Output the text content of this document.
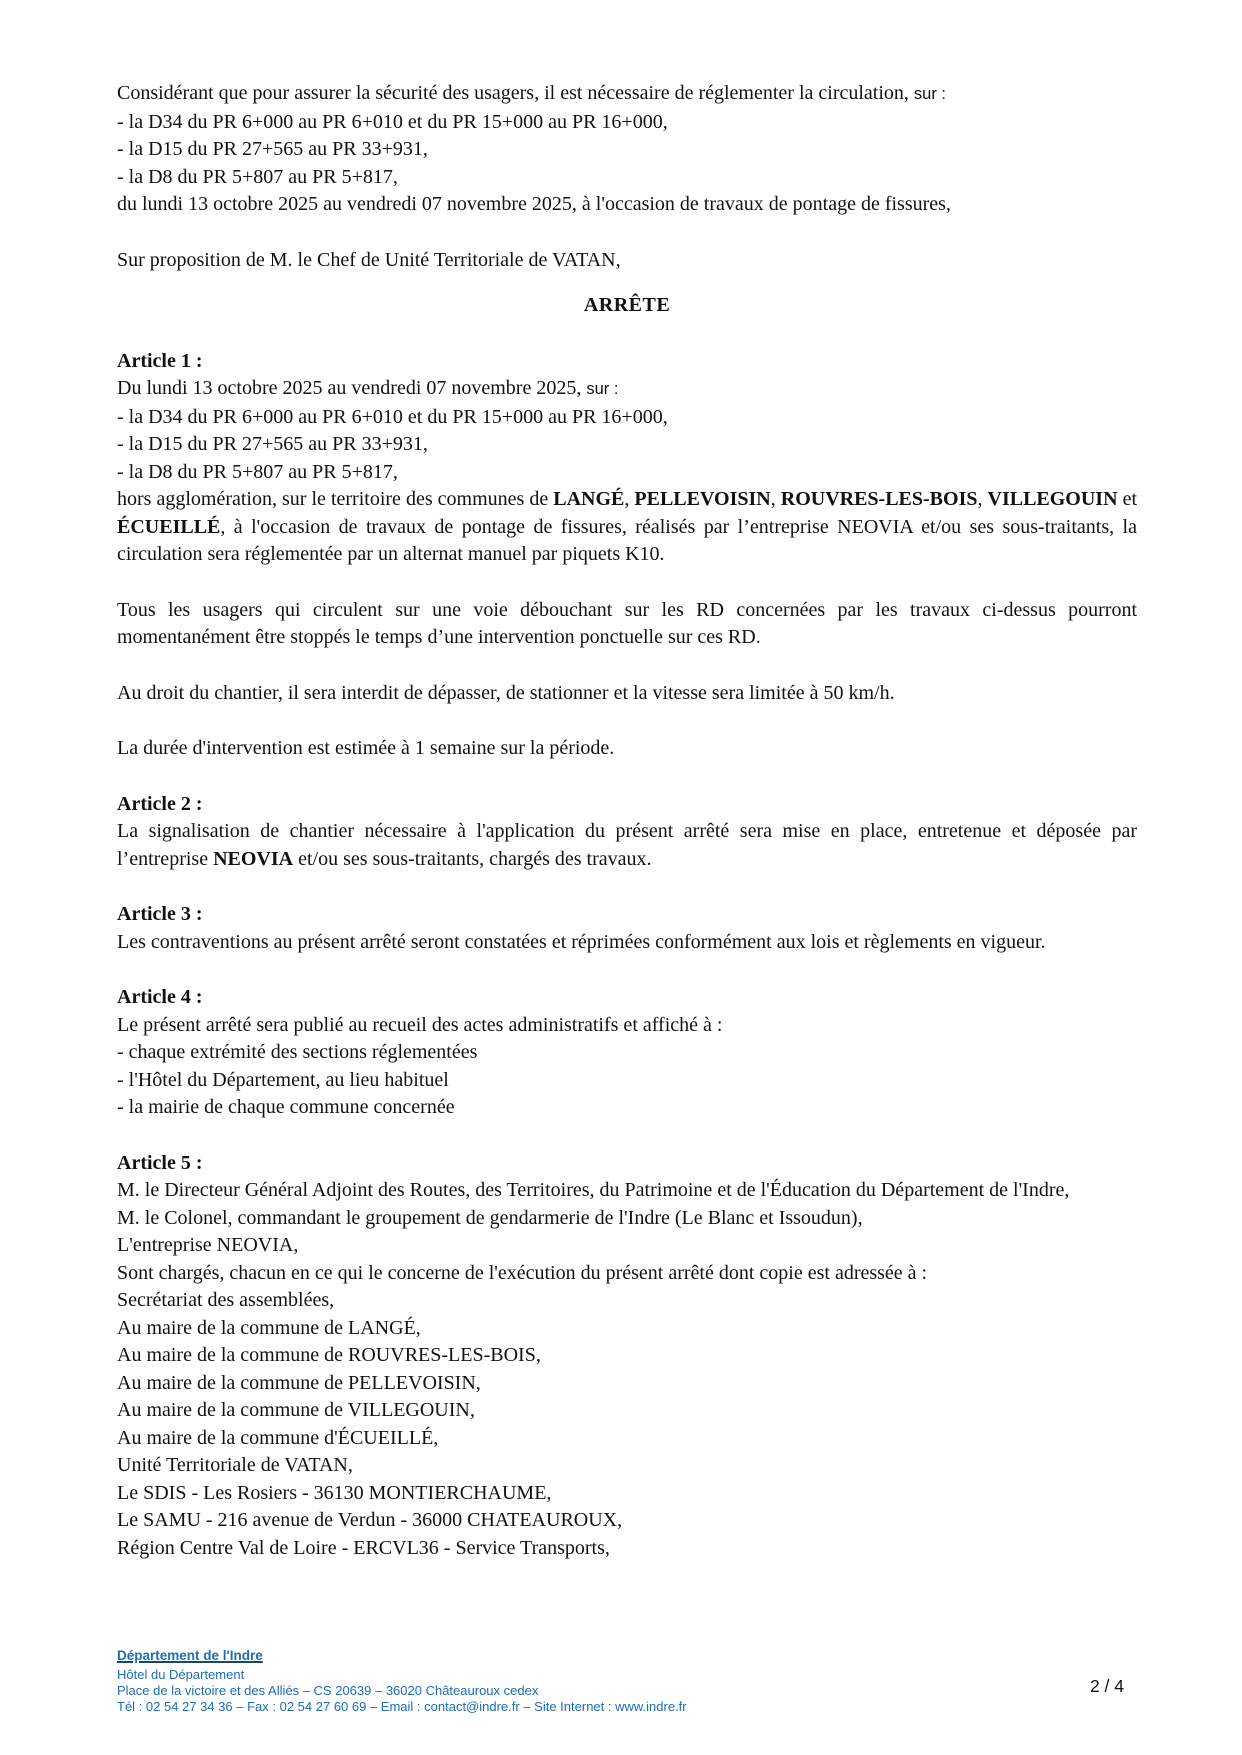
Considérant que pour assurer la sécurité des usagers, il est nécessaire de réglementer la circulation, sur :

- la D34 du PR 6+000 au PR 6+010 et du PR 15+000 au PR 16+000,
- la D15 du PR 27+565 au PR 33+931,
- la D8 du PR 5+807 au PR 5+817,
du lundi 13 octobre 2025 au vendredi 07 novembre 2025, à l'occasion de travaux de pontage de fissures,

Sur proposition de M. le Chef de Unité Territoriale de VATAN,

ARRÊTE

Article 1 :
Du lundi 13 octobre 2025 au vendredi 07 novembre 2025, sur :
- la D34 du PR 6+000 au PR 6+010 et du PR 15+000 au PR 16+000,
- la D15 du PR 27+565 au PR 33+931,
- la D8 du PR 5+807 au PR 5+817,

hors agglomération, sur le territoire des communes de LANGÉ, PELLEVOISIN, ROUVRES-LES-BOIS, VILLEGOUIN et ÉCUEILLÉ, à l'occasion de travaux de pontage de fissures, réalisés par l’entreprise NEOVIA et/ou ses sous-traitants, la circulation sera réglementée par un alternat manuel par piquets K10.

Tous les usagers qui circulent sur une voie débouchant sur les RD concernées par les travaux ci-dessus pourront momentanément être stoppés le temps d’une intervention ponctuelle sur ces RD.

Au droit du chantier, il sera interdit de dépasser, de stationner et la vitesse sera limitée à 50 km/h.

La durée d'intervention est estimée à 1 semaine sur la période.

Article 2 :

La signalisation de chantier nécessaire à l'application du présent arrêté sera mise en place, entretenue et déposée par l’entreprise NEOVIA et/ou ses sous-traitants, chargés des travaux.

Article 3 :

Les contraventions au présent arrêté seront constatées et réprimées conformément aux lois et règlements en vigueur.

Article 4 :
Le présent arrêté sera publié au recueil des actes administratifs et affiché à :
- chaque extrémité des sections réglementées
- l'Hôtel du Département, au lieu habituel
- la mairie de chaque commune concernée
Article 5 :

M. le Directeur Général Adjoint des Routes, des Territoires, du Patrimoine et de l'Éducation du Département de l'Indre,

M. le Colonel, commandant le groupement de gendarmerie de l'Indre (Le Blanc et Issoudun),
L'entreprise NEOVIA,
Sont chargés, chacun en ce qui le concerne de l'exécution du présent arrêté dont copie est adressée à :
Secrétariat des assemblées,
Au maire de la commune de LANGÉ,
Au maire de la commune de ROUVRES-LES-BOIS,
Au maire de la commune de PELLEVOISIN,
Au maire de la commune de VILLEGOUIN,
Au maire de la commune d'ÉCUEILLÉ,
Unité Territoriale de VATAN,
Le SDIS - Les Rosiers - 36130 MONTIERCHAUME,
Le SAMU - 216 avenue de Verdun - 36000 CHATEAUROUX,
Région Centre Val de Loire - ERCVL36 - Service Transports,
Département de l'Indre
Hôtel du Département
Place de la victoire et des Alliés – CS 20639 – 36020 Châteauroux cedex
Tél : 02 54 27 34 36 – Fax : 02 54 27 60 69 – Email : contact@indre.fr – Site Internet : www.indre.fr
2 / 4
